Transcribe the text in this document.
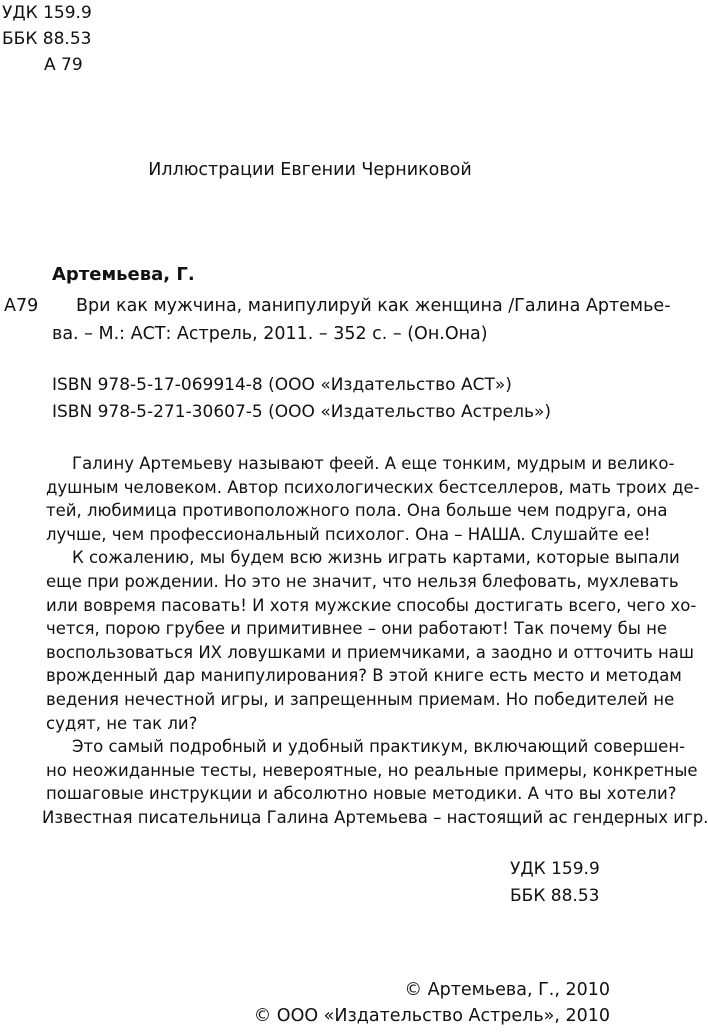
УДК 159.9
ББК 88.53
А 79
Иллюстрации Евгении Черниковой
Артемьева, Г.
А79	Ври как мужчина, манипулируй как женщина /Галина Артемье-
ва. – М.: АСТ: Астрель, 2011. – 352 с. – (Он.Она)
ISBN 978-5-17-069914-8 (ООО «Издательство АСТ»)
ISBN 978-5-271-30607-5 (ООО «Издательство Астрель»)
Галину Артемьеву называют феей. А еще тонким, мудрым и велико-
душным человеком. Автор психологических бестселлеров, мать троих де-
тей, любимица противоположного пола. Она больше чем подруга, она
лучше, чем профессиональный психолог. Она – НАША. Слушайте ее!
К сожалению, мы будем всю жизнь играть картами, которые выпали
еще при рождении. Но это не значит, что нельзя блефовать, мухлевать
или вовремя пасовать! И хотя мужские способы достигать всего, чего хо-
чется, порою грубее и примитивнее – они работают! Так почему бы не
воспользоваться ИХ ловушками и приемчиками, а заодно и отточить наш
врожденный дар манипулирования? В этой книге есть место и методам
ведения нечестной игры, и запрещенным приемам. Но победителей не
судят, не так ли?
Это самый подробный и удобный практикум, включающий совершен-
но неожиданные тесты, невероятные, но реальные примеры, конкретные
пошаговые инструкции и абсолютно новые методики. А что вы хотели?
Известная писательница Галина Артемьева – настоящий ас гендерных игр.
УДК 159.9
ББК 88.53
© Артемьева, Г., 2010
© ООО «Издательство Астрель», 2010
